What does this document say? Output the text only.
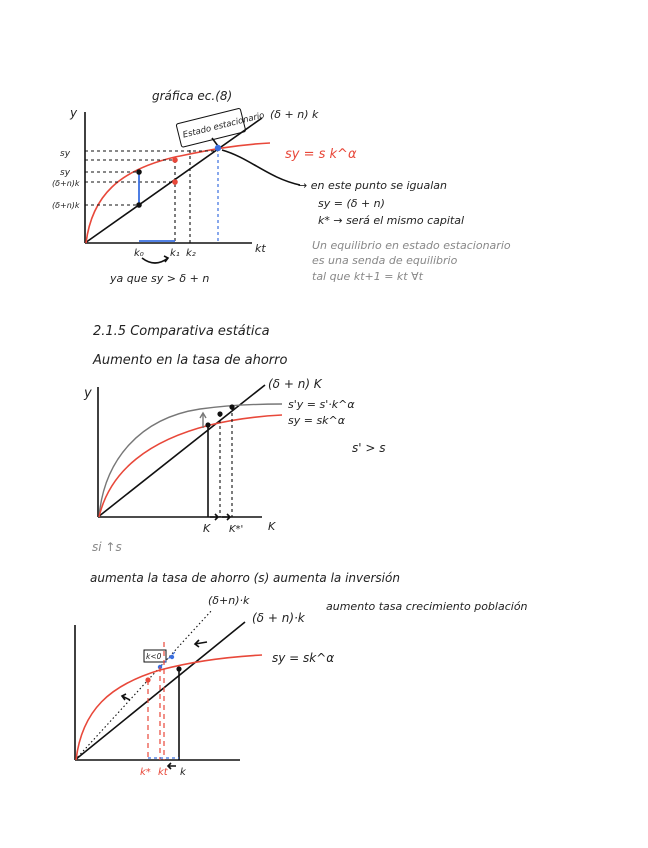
gráfica ec.(8)
y
kt
(δ + n) k
sy = s k^α
Estado estacionario
sy
sy
(δ+n)k
(δ+n)k
k₀	k₁ k₂
ya que sy > δ + n
→ en este punto se igualan
sy = (δ + n)
k* → será el mismo capital
Un equilibrio en estado estacionario
es una senda de equilibrio
tal que kt+1 = kt ∀t
2.1.5 Comparativa estática
Aumento en la tasa de ahorro
y
K
(δ + n) K
s'y = s'·k^α
sy = sk^α
K K*'
s' > s
si ↑s
aumenta la tasa de ahorro (s) aumenta la inversión
(δ+n)·k
(δ + n)·k
aumento tasa crecimiento población
sy = sk^α
k<0
k* kt k
